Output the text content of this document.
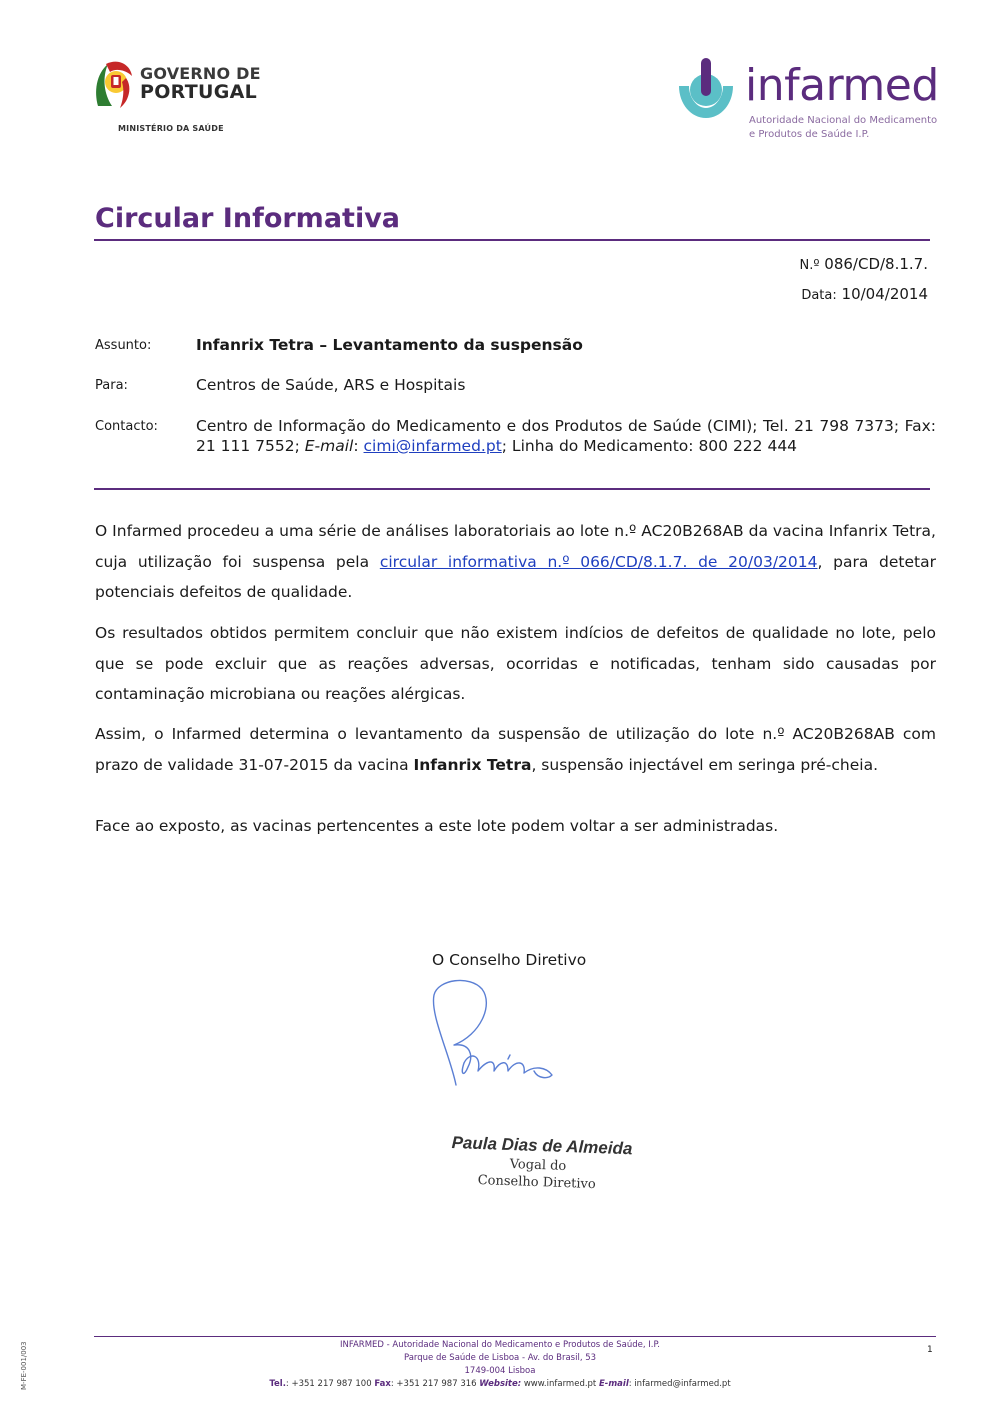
GOVERNO DE
PORTUGAL
MINISTÉRIO DA SAÚDE
infarmed
Autoridade Nacional do Medicamento
e Produtos de Saúde I.P.
Circular Informativa
N.º 086/CD/8.1.7.
Data: 10/04/2014
Assunto:	Infanrix Tetra – Levantamento da suspensão
Para:	Centros de Saúde, ARS e Hospitais
Contacto: Centro de Informação do Medicamento e dos Produtos de Saúde (CIMI); Tel. 21 798 7373; Fax: 21 111 7552; E-mail: cimi@infarmed.pt; Linha do Medicamento: 800 222 444

O Infarmed procedeu a uma série de análises laboratoriais ao lote n.º AC20B268AB da vacina Infanrix Tetra, cuja utilização foi suspensa pela circular informativa n.º 066/CD/8.1.7. de 20/03/2014, para detetar potenciais defeitos de qualidade.

Os resultados obtidos permitem concluir que não existem indícios de defeitos de qualidade no lote, pelo que se pode excluir que as reações adversas, ocorridas e notificadas, tenham sido causadas por contaminação microbiana ou reações alérgicas.

Assim, o Infarmed determina o levantamento da suspensão de utilização do lote n.º AC20B268AB com prazo de validade 31-07-2015 da vacina Infanrix Tetra, suspensão injectável em seringa pré-cheia.

Face ao exposto, as vacinas pertencentes a este lote podem voltar a ser administradas.

O Conselho Diretivo
Paula Dias de Almeida
Vogal do
Conselho Diretivo
INFARMED - Autoridade Nacional do Medicamento e Produtos de Saúde, I.P.
Parque de Saúde de Lisboa - Av. do Brasil, 53
1749-004 Lisboa
Tel.: +351 217 987 100 Fax: +351 217 987 316 Website: www.infarmed.pt E-mail: infarmed@infarmed.pt
1
M-FE-001/003
